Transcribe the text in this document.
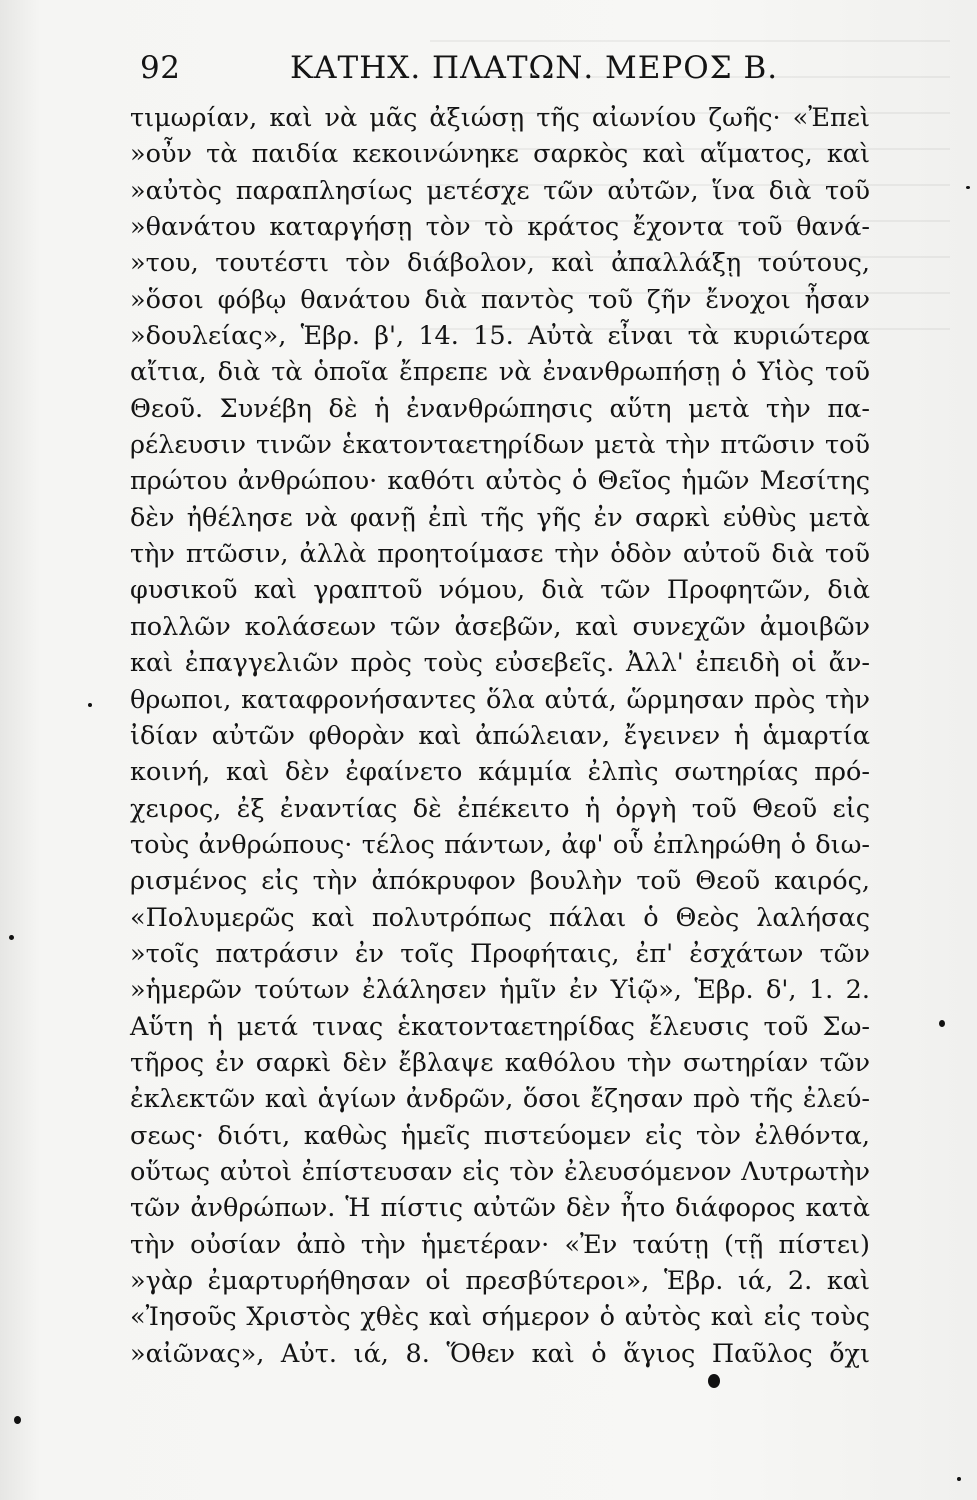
92	ΚΑΤΗΧ. ΠΛΑΤΩΝ. ΜΕΡΟΣ Β.
τιμωρίαν, καὶ νὰ μᾶς ἀξιώσῃ τῆς αἰωνίου ζωῆς· «Ἐπεὶ
»οὖν τὰ παιδία κεκοινώνηκε σαρκὸς καὶ αἵματος, καὶ
»αὐτὸς παραπλησίως μετέσχε τῶν αὐτῶν, ἵνα διὰ τοῦ
»θανάτου καταργήσῃ τὸν τὸ κράτος ἔχοντα τοῦ θανά-
»του, τουτέστι τὸν διάβολον, καὶ ἀπαλλάξῃ τούτους,
»ὅσοι φόβῳ θανάτου διὰ παντὸς τοῦ ζῆν ἔνοχοι ἦσαν
»δουλείας», Ἑβρ. β', 14. 15. Αὐτὰ εἶναι τὰ κυριώτερα
αἴτια, διὰ τὰ ὁποῖα ἔπρεπε νὰ ἐνανθρωπήσῃ ὁ Υἱὸς τοῦ
Θεοῦ. Συνέβη δὲ ἡ ἐνανθρώπησις αὕτη μετὰ τὴν πα-
ρέλευσιν τινῶν ἑκατονταετηρίδων μετὰ τὴν πτῶσιν τοῦ
πρώτου ἀνθρώπου· καθότι αὐτὸς ὁ Θεῖος ἡμῶν Μεσίτης
δὲν ἠθέλησε νὰ φανῇ ἐπὶ τῆς γῆς ἐν σαρκὶ εὐθὺς μετὰ
τὴν πτῶσιν, ἀλλὰ προητοίμασε τὴν ὁδὸν αὐτοῦ διὰ τοῦ
φυσικοῦ καὶ γραπτοῦ νόμου, διὰ τῶν Προφητῶν, διὰ
πολλῶν κολάσεων τῶν ἀσεβῶν, καὶ συνεχῶν ἀμοιβῶν
καὶ ἐπαγγελιῶν πρὸς τοὺς εὐσεβεῖς. Ἀλλ' ἐπειδὴ οἱ ἄν-
θρωποι, καταφρονήσαντες ὅλα αὐτά, ὥρμησαν πρὸς τὴν
ἰδίαν αὐτῶν φθορὰν καὶ ἀπώλειαν, ἔγεινεν ἡ ἁμαρτία
κοινή, καὶ δὲν ἐφαίνετο κάμμία ἐλπὶς σωτηρίας πρό-
χειρος, ἐξ ἐναντίας δὲ ἐπέκειτο ἡ ὀργὴ τοῦ Θεοῦ εἰς
τοὺς ἀνθρώπους· τέλος πάντων, ἀφ' οὗ ἐπληρώθη ὁ διω-
ρισμένος εἰς τὴν ἀπόκρυφον βουλὴν τοῦ Θεοῦ καιρός,
«Πολυμερῶς καὶ πολυτρόπως πάλαι ὁ Θεὸς λαλήσας
»τοῖς πατράσιν ἐν τοῖς Προφήταις, ἐπ' ἐσχάτων τῶν
»ἡμερῶν τούτων ἐλάλησεν ἡμῖν ἐν Υἱῷ», Ἑβρ. δ', 1. 2.
Αὕτη ἡ μετά τινας ἑκατονταετηρίδας ἔλευσις τοῦ Σω-
τῆρος ἐν σαρκὶ δὲν ἔβλαψε καθόλου τὴν σωτηρίαν τῶν
ἐκλεκτῶν καὶ ἁγίων ἀνδρῶν, ὅσοι ἔζησαν πρὸ τῆς ἐλεύ-
σεως· διότι, καθὼς ἡμεῖς πιστεύομεν εἰς τὸν ἐλθόντα,
οὕτως αὐτοὶ ἐπίστευσαν εἰς τὸν ἐλευσόμενον Λυτρωτὴν
τῶν ἀνθρώπων. Ἡ πίστις αὐτῶν δὲν ἦτο διάφορος κατὰ
τὴν οὐσίαν ἀπὸ τὴν ἡμετέραν· «Ἐν ταύτῃ (τῇ πίστει)
»γὰρ ἐμαρτυρήθησαν οἱ πρεσβύτεροι», Ἑβρ. ιά, 2. καὶ
«Ἰησοῦς Χριστὸς χθὲς καὶ σήμερον ὁ αὐτὸς καὶ εἰς τοὺς
»αἰῶνας», Αὐτ. ιά, 8. Ὅθεν καὶ ὁ ἅγιος Παῦλος ὄχι
